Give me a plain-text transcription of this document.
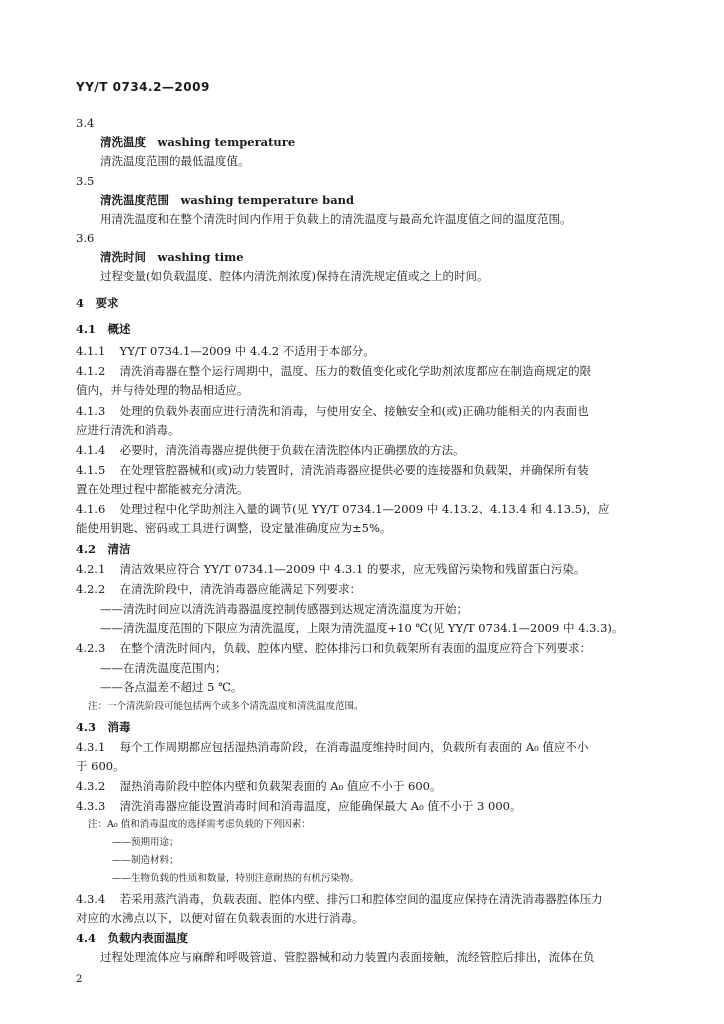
YY/T 0734.2—2009
3.4
清洗温度　washing temperature
清洗温度范围的最低温度值。
3.5
清洗温度范围　washing temperature band
用清洗温度和在整个清洗时间内作用于负载上的清洗温度与最高允许温度值之间的温度范围。
3.6
清洗时间　washing time
过程变量(如负载温度、腔体内清洗剂浓度)保持在清洗规定值或之上的时间。
4　要求
4.1　概述
4.1.1 YY/T 0734.1—2009 中 4.4.2 不适用于本部分。
4.1.2 清洗消毒器在整个运行周期中，温度、压力的数值变化或化学助剂浓度都应在制造商规定的限
值内，并与待处理的物品相适应。
4.1.3 处理的负载外表面应进行清洗和消毒，与使用安全、接触安全和(或)正确功能相关的内表面也
应进行清洗和消毒。
4.1.4 必要时，清洗消毒器应提供便于负载在清洗腔体内正确摆放的方法。
4.1.5 在处理管腔器械和(或)动力装置时，清洗消毒器应提供必要的连接器和负载架，并确保所有装
置在处理过程中都能被充分清洗。
4.1.6 处理过程中化学助剂注入量的调节(见 YY/T 0734.1—2009 中 4.13.2、4.13.4 和 4.13.5)，应
能使用钥匙、密码或工具进行调整，设定量准确度应为±5%。
4.2　清洁
4.2.1 清洁效果应符合 YY/T 0734.1—2009 中 4.3.1 的要求，应无残留污染物和残留蛋白污染。
4.2.2 在清洗阶段中，清洗消毒器应能满足下列要求：
——清洗时间应以清洗消毒器温度控制传感器到达规定清洗温度为开始；
——清洗温度范围的下限应为清洗温度，上限为清洗温度+10 ℃(见 YY/T 0734.1—2009 中 4.3.3)。
4.2.3 在整个清洗时间内，负载、腔体内壁、腔体排污口和负载架所有表面的温度应符合下列要求：
——在清洗温度范围内；
——各点温差不超过 5 ℃。
注：一个清洗阶段可能包括两个或多个清洗温度和清洗温度范围。
4.3　消毒
4.3.1 每个工作周期都应包括湿热消毒阶段，在消毒温度维持时间内，负载所有表面的 A₀ 值应不小
于 600。
4.3.2 湿热消毒阶段中腔体内壁和负载架表面的 A₀ 值应不小于 600。
4.3.3 清洗消毒器应能设置消毒时间和消毒温度，应能确保最大 A₀ 值不小于 3 000。
注：A₀ 值和消毒温度的选择需考虑负载的下列因素：
——预期用途；
——制造材料；
——生物负载的性质和数量，特别注意耐热的有机污染物。
4.3.4 若采用蒸汽消毒，负载表面、腔体内壁、排污口和腔体空间的温度应保持在清洗消毒器腔体压力
对应的水沸点以下，以便对留在负载表面的水进行消毒。
4.4　负载内表面温度
过程处理流体应与麻醉和呼吸管道、管腔器械和动力装置内表面接触，流经管腔后排出，流体在负
2
